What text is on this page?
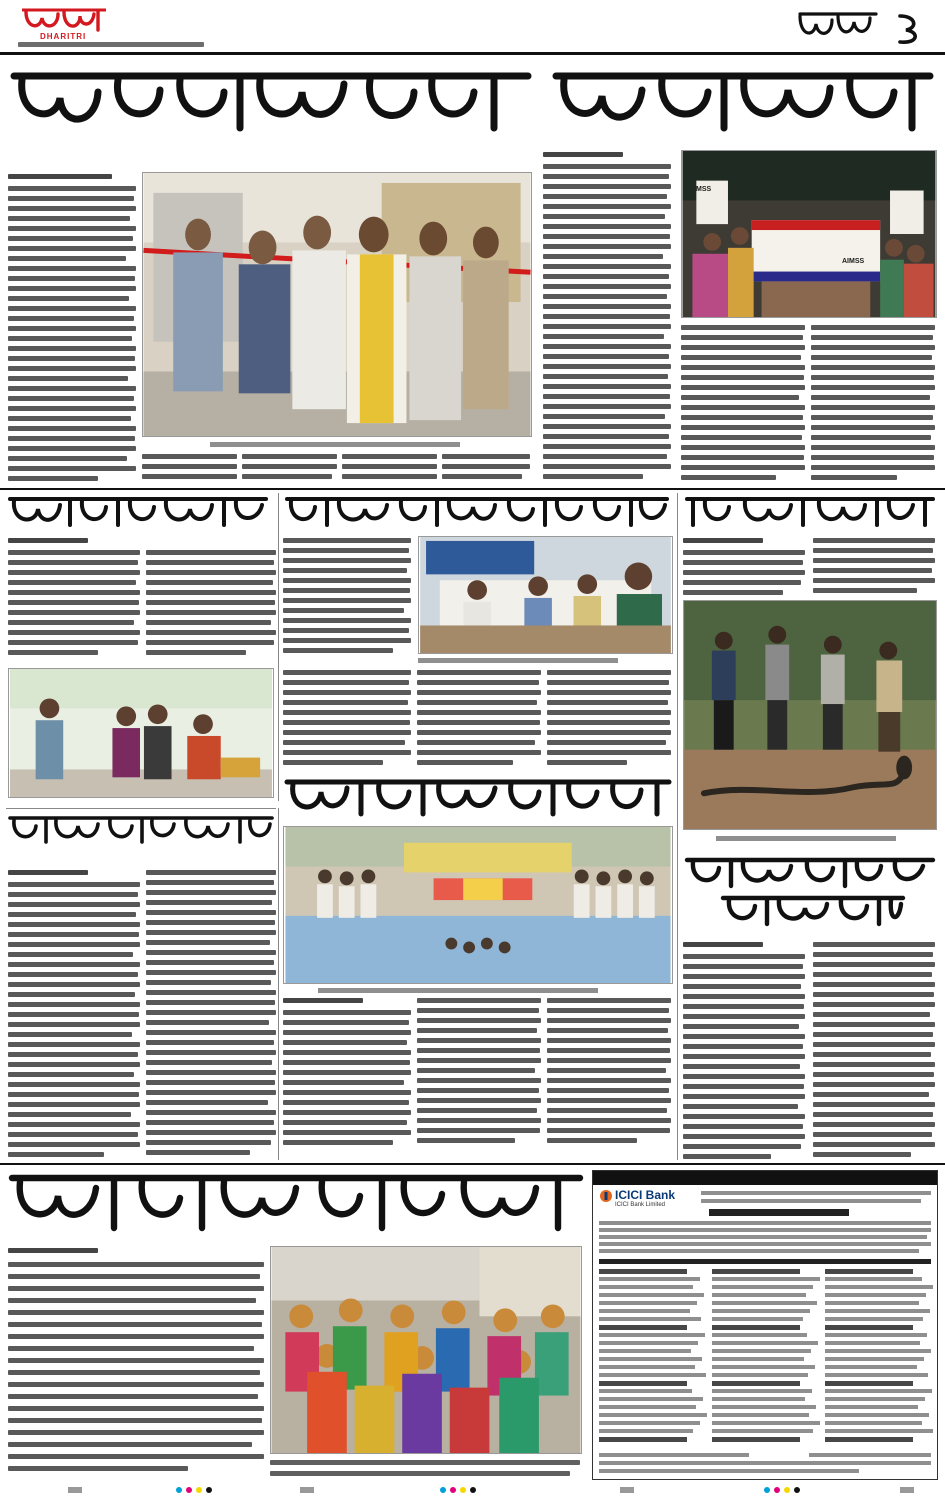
DHARITRI
AIMSS
MSS
ICICI Bank
ICICI Bank Limited
